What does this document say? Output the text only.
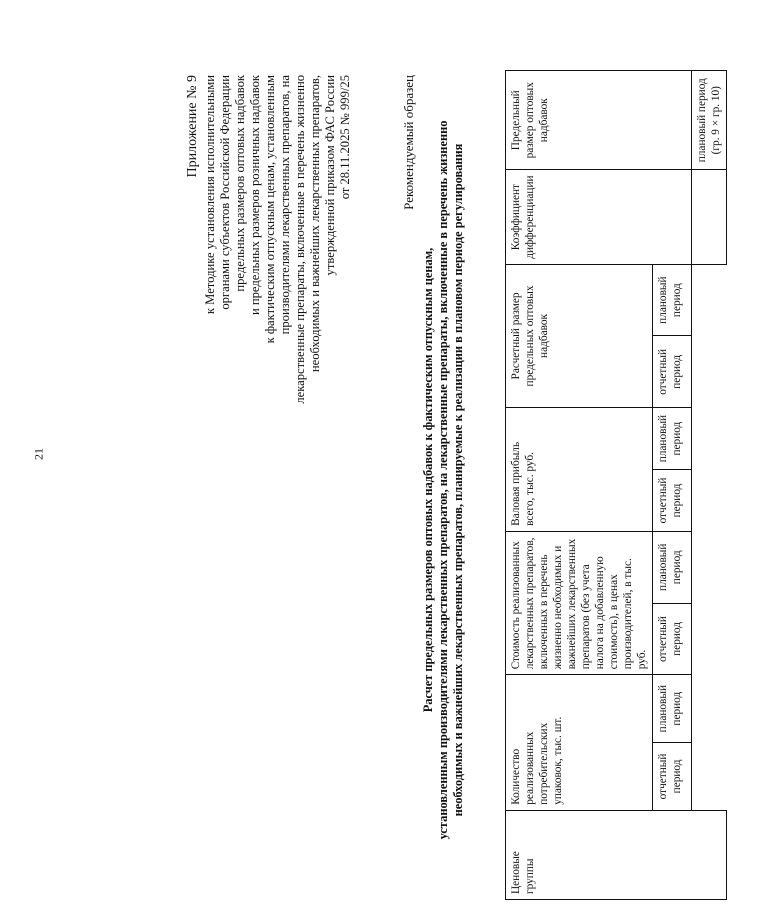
21
Приложение № 9 к Методике установления исполнительными органами субъектов Российской Федерации предельных размеров оптовых надбавок и предельных размеров розничных надбавок к фактическим отпускным ценам, установленным производителями лекарственных препаратов, на лекарственные препараты, включенные в перечень жизненно необходимых и важнейших лекарственных препаратов, утвержденной приказом ФАС России от 28.11.2025 № 999/25	Рекомендуемый образец
Расчет предельных размеров оптовых надбавок к фактическим отпускным ценам, установленным производителями лекарственных препаратов, на лекарственные препараты, включенные в перечень жизненно необходимых и важнейших лекарственных препаратов, планируемые к реализации в плановом периоде регулирования
Ценовые группы	Количество реализованных потребительских упаковок, тыс. шт.		Стоимость реализованных лекарственных препаратов, включенных в перечень жизненно необходимых и важнейших лекарственных препаратов (без учета налога на добавленную стоимость), в ценах производителей, в тыс. руб.		Валовая прибыль всего, тыс. руб.		Расчетный размер предельных оптовых надбавок		Коэффициент дифференциации	Предельный размер оптовых надбавок
	отчетный период	плановый период	отчетный период	плановый период	отчетный период	плановый период	отчетный период	плановый период		
										плановый период (гр. 9 × гр. 10)
